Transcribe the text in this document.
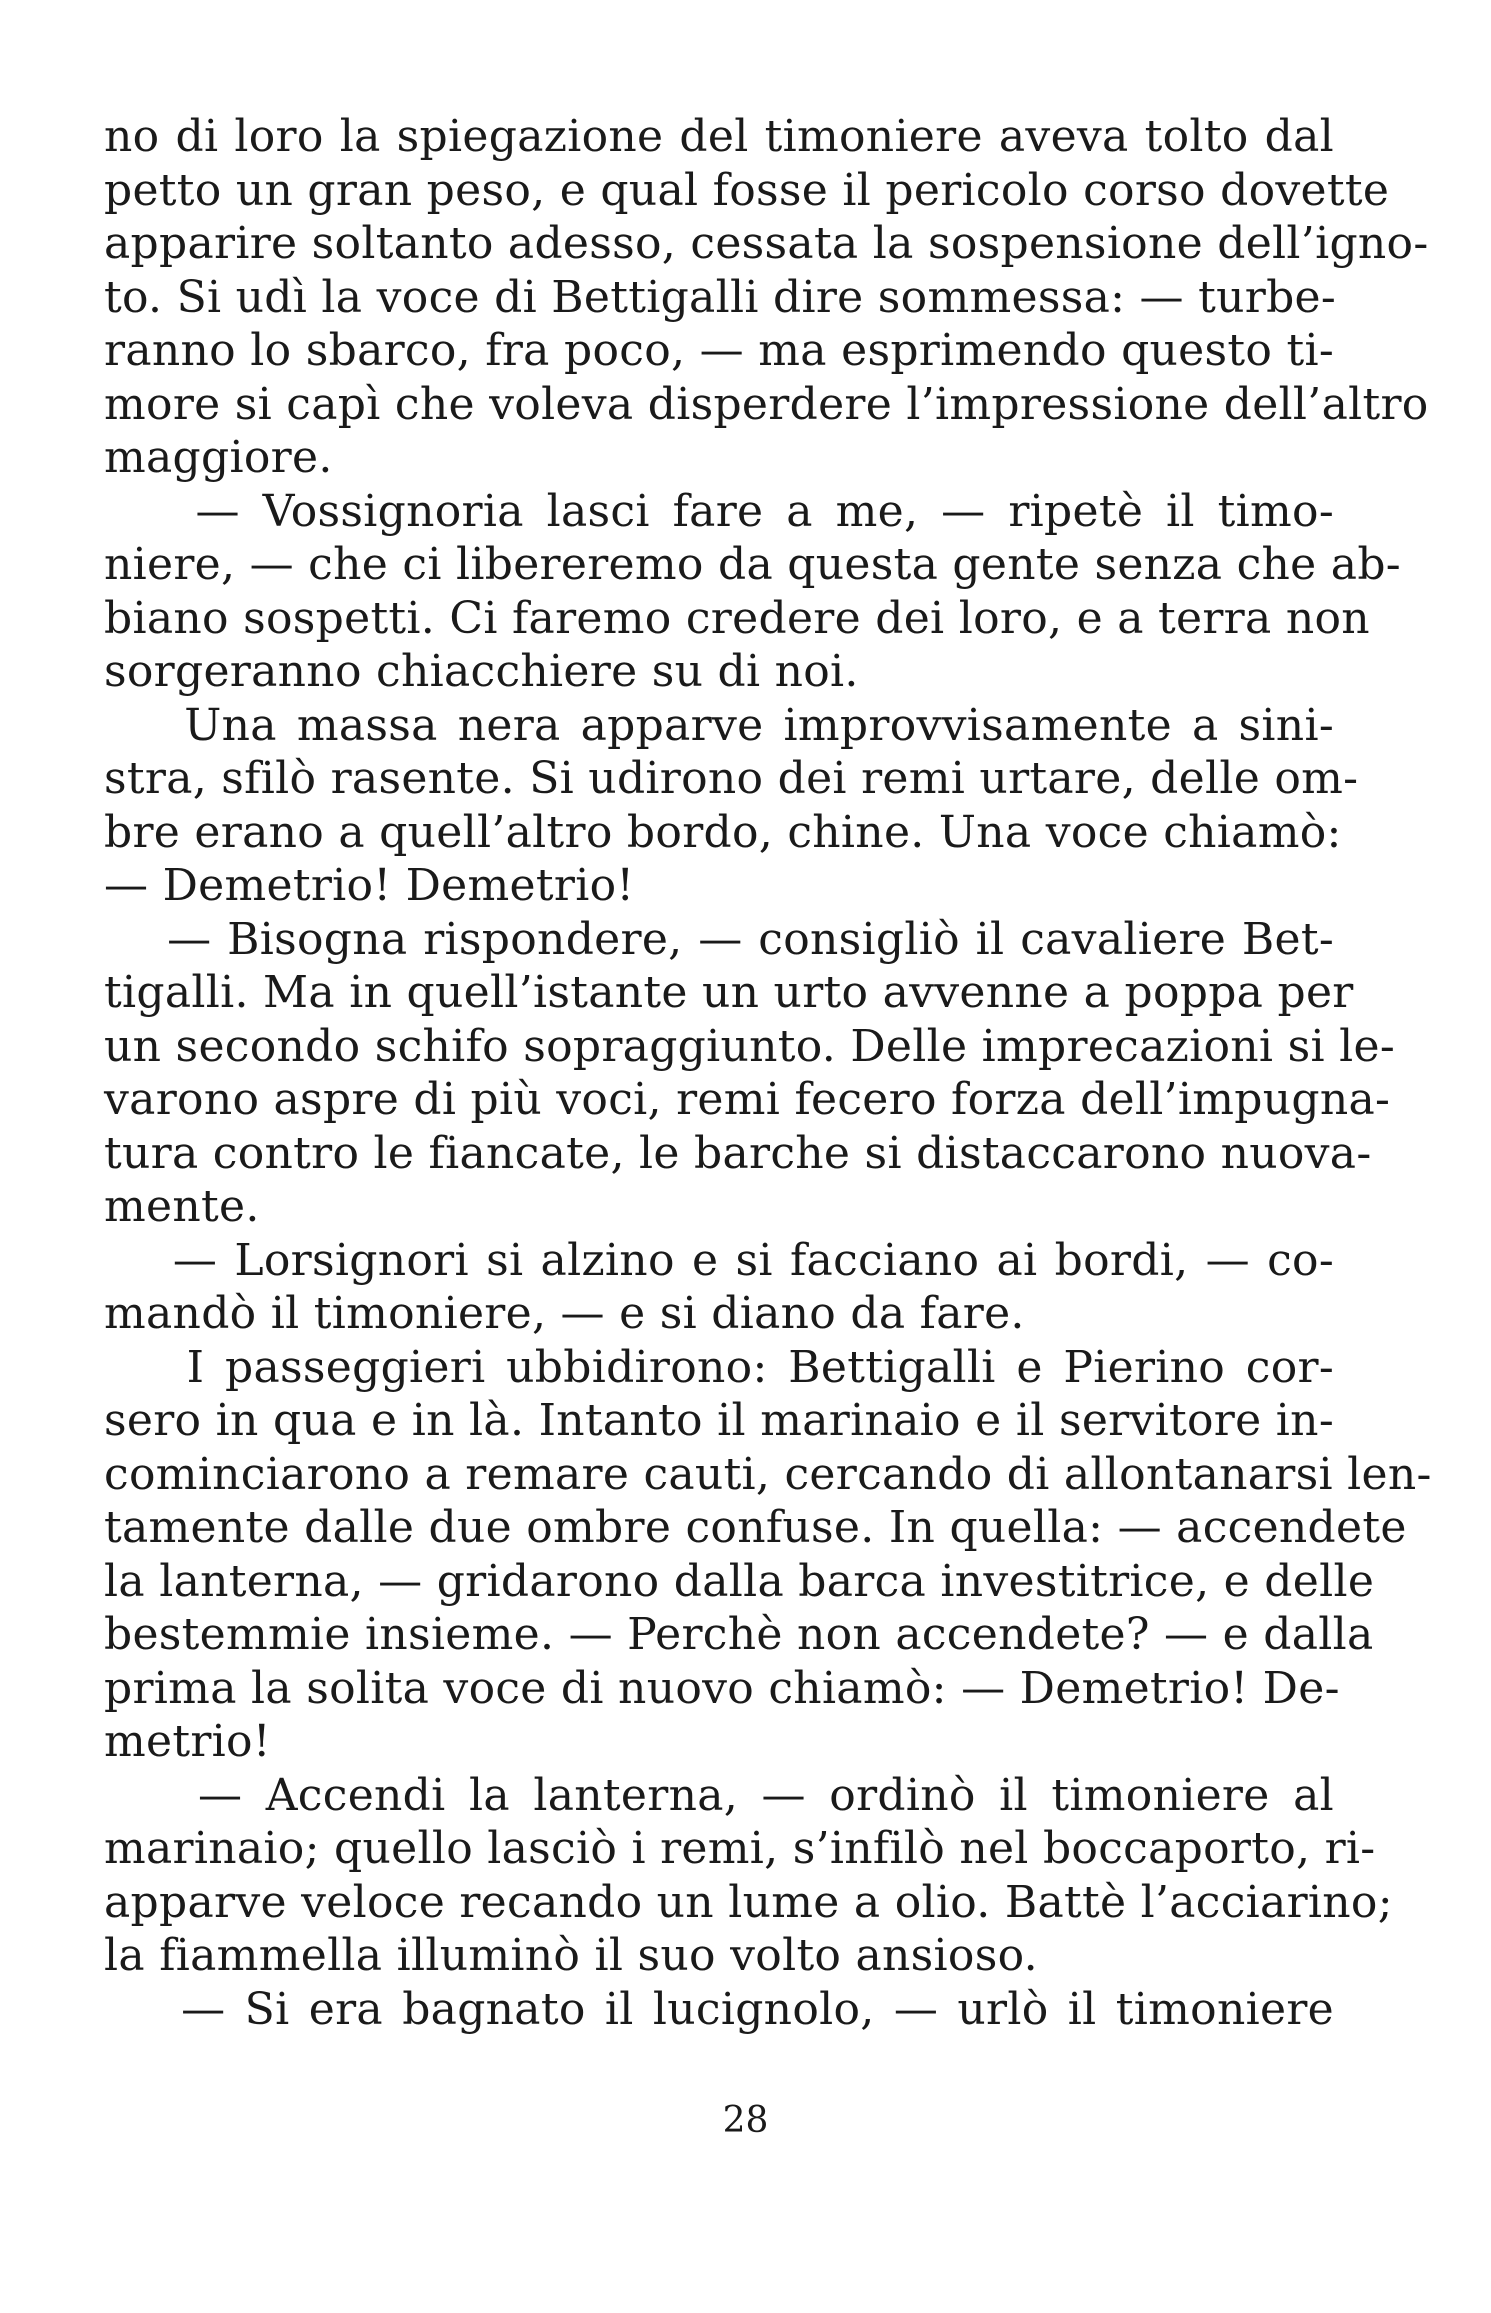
no di loro la spiegazione del timoniere aveva tolto dal
petto un gran peso, e qual fosse il pericolo corso dovette
apparire soltanto adesso, cessata la sospensione dell’igno-
to. Si udì la voce di Bettigalli dire sommessa: — turbe-
ranno lo sbarco, fra poco, — ma esprimendo questo ti-
more si capì che voleva disperdere l’impressione dell’altro
maggiore.
— Vossignoria lasci fare a me, — ripetè il timo-
niere, — che ci libereremo da questa gente senza che ab-
biano sospetti. Ci faremo credere dei loro, e a terra non
sorgeranno chiacchiere su di noi.
Una massa nera apparve improvvisamente a sini-
stra, sfilò rasente. Si udirono dei remi urtare, delle om-
bre erano a quell’altro bordo, chine. Una voce chiamò:
— Demetrio! Demetrio!
— Bisogna rispondere, — consigliò il cavaliere Bet-
tigalli. Ma in quell’istante un urto avvenne a poppa per
un secondo schifo sopraggiunto. Delle imprecazioni si le-
varono aspre di più voci, remi fecero forza dell’impugna-
tura contro le fiancate, le barche si distaccarono nuova-
mente.
— Lorsignori si alzino e si facciano ai bordi, — co-
mandò il timoniere, — e si diano da fare.
I passeggieri ubbidirono: Bettigalli e Pierino cor-
sero in qua e in là. Intanto il marinaio e il servitore in-
cominciarono a remare cauti, cercando di allontanarsi len-
tamente dalle due ombre confuse. In quella: — accendete
la lanterna, — gridarono dalla barca investitrice, e delle
bestemmie insieme. — Perchè non accendete? — e dalla
prima la solita voce di nuovo chiamò: — Demetrio! De-
metrio!
— Accendi la lanterna, — ordinò il timoniere al
marinaio; quello lasciò i remi, s’infilò nel boccaporto, ri-
apparve veloce recando un lume a olio. Battè l’acciarino;
la fiammella illuminò il suo volto ansioso.
— Si era bagnato il lucignolo, — urlò il timoniere
28
